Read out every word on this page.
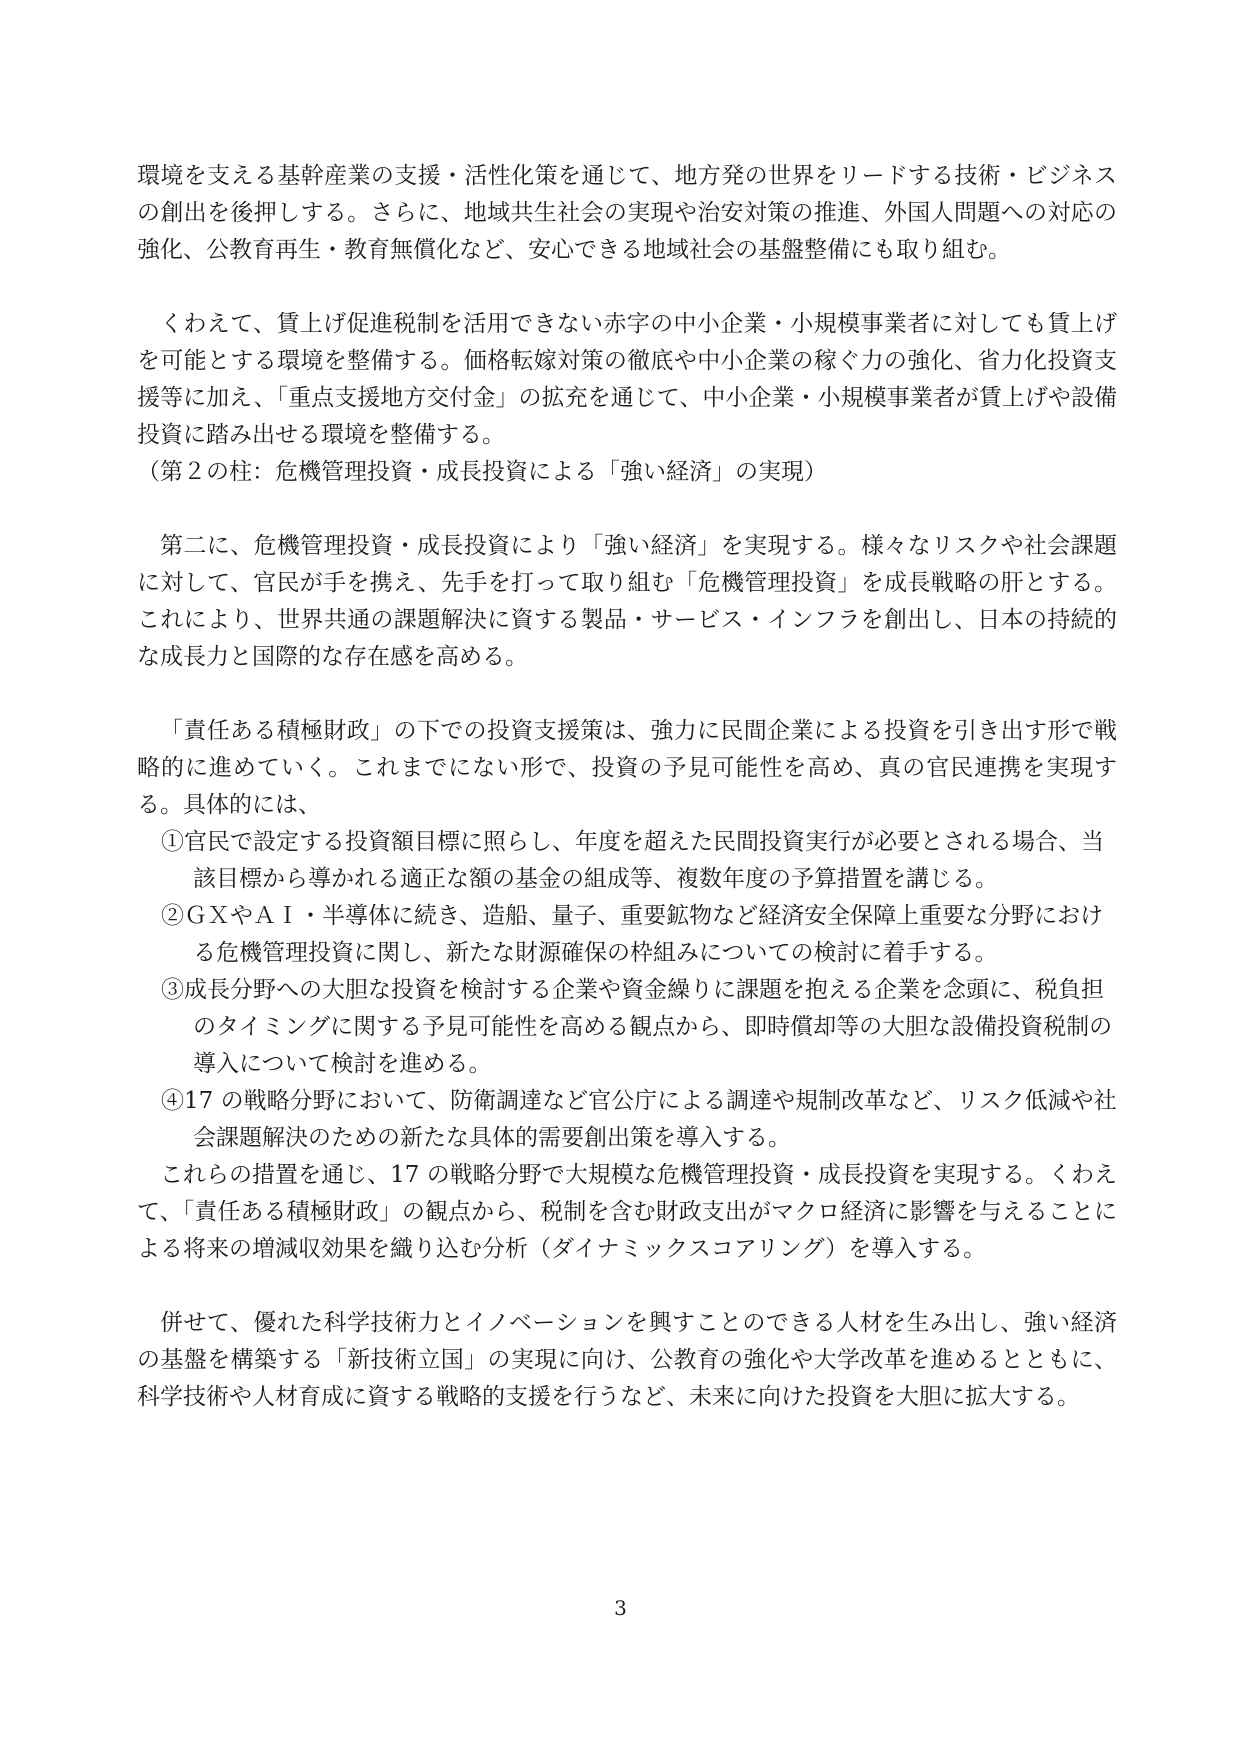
環境を支える基幹産業の支援・活性化策を通じて、地方発の世界をリードする技術・ビジネスの創出を後押しする。さらに、地域共生社会の実現や治安対策の推進、外国人問題への対応の強化、公教育再生・教育無償化など、安心できる地域社会の基盤整備にも取り組む。

くわえて、賃上げ促進税制を活用できない赤字の中小企業・小規模事業者に対しても賃上げを可能とする環境を整備する。価格転嫁対策の徹底や中小企業の稼ぐ力の強化、省力化投資支援等に加え、「重点支援地方交付金」の拡充を通じて、中小企業・小規模事業者が賃上げや設備投資に踏み出せる環境を整備する。

（第２の柱：危機管理投資・成長投資による「強い経済」の実現）

第二に、危機管理投資・成長投資により「強い経済」を実現する。様々なリスクや社会課題に対して、官民が手を携え、先手を打って取り組む「危機管理投資」を成長戦略の肝とする。これにより、世界共通の課題解決に資する製品・サービス・インフラを創出し、日本の持続的な成長力と国際的な存在感を高める。

「責任ある積極財政」の下での投資支援策は、強力に民間企業による投資を引き出す形で戦略的に進めていく。これまでにない形で、投資の予見可能性を高め、真の官民連携を実現する。具体的には、

①官民で設定する投資額目標に照らし、年度を超えた民間投資実行が必要とされる場合、当該目標から導かれる適正な額の基金の組成等、複数年度の予算措置を講じる。
②ＧＸやＡＩ・半導体に続き、造船、量子、重要鉱物など経済安全保障上重要な分野における危機管理投資に関し、新たな財源確保の枠組みについての検討に着手する。
③成長分野への大胆な投資を検討する企業や資金繰りに課題を抱える企業を念頭に、税負担のタイミングに関する予見可能性を高める観点から、即時償却等の大胆な設備投資税制の導入について検討を進める。
④17 の戦略分野において、防衛調達など官公庁による調達や規制改革など、リスク低減や社会課題解決のための新たな具体的需要創出策を導入する。

これらの措置を通じ、17 の戦略分野で大規模な危機管理投資・成長投資を実現する。くわえて、「責任ある積極財政」の観点から、税制を含む財政支出がマクロ経済に影響を与えることによる将来の増減収効果を織り込む分析（ダイナミックスコアリング）を導入する。

併せて、優れた科学技術力とイノベーションを興すことのできる人材を生み出し、強い経済の基盤を構築する「新技術立国」の実現に向け、公教育の強化や大学改革を進めるとともに、科学技術や人材育成に資する戦略的支援を行うなど、未来に向けた投資を大胆に拡大する。

3
